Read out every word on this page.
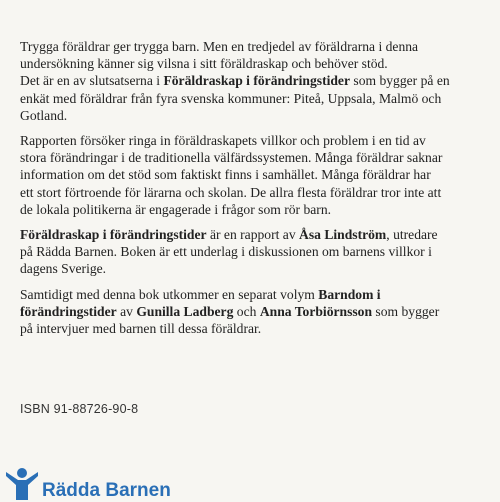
Trygga föräldrar ger trygga barn. Men en tredjedel av föräldrarna i denna
undersökning känner sig vilsna i sitt föräldraskap och behöver stöd.
Det är en av slutsatserna i Föräldraskap i förändringstider som bygger på en
enkät med föräldrar från fyra svenska kommuner: Piteå, Uppsala, Malmö och
Gotland.
Rapporten försöker ringa in föräldraskapets villkor och problem i en tid av
stora förändringar i de traditionella välfärdssystemen. Många föräldrar saknar
information om det stöd som faktiskt finns i samhället. Många föräldrar har
ett stort förtroende för lärarna och skolan. De allra flesta föräldrar tror inte att
de lokala politikerna är engagerade i frågor som rör barn.
Föräldraskap i förändringstider är en rapport av Åsa Lindström, utredare
på Rädda Barnen. Boken är ett underlag i diskussionen om barnens villkor i
dagens Sverige.
Samtidigt med denna bok utkommer en separat volym Barndom i
förändringstider av Gunilla Ladberg och Anna Torbiörnsson som bygger
på intervjuer med barnen till dessa föräldrar.
ISBN 91-88726-90-8
Rädda Barnen
